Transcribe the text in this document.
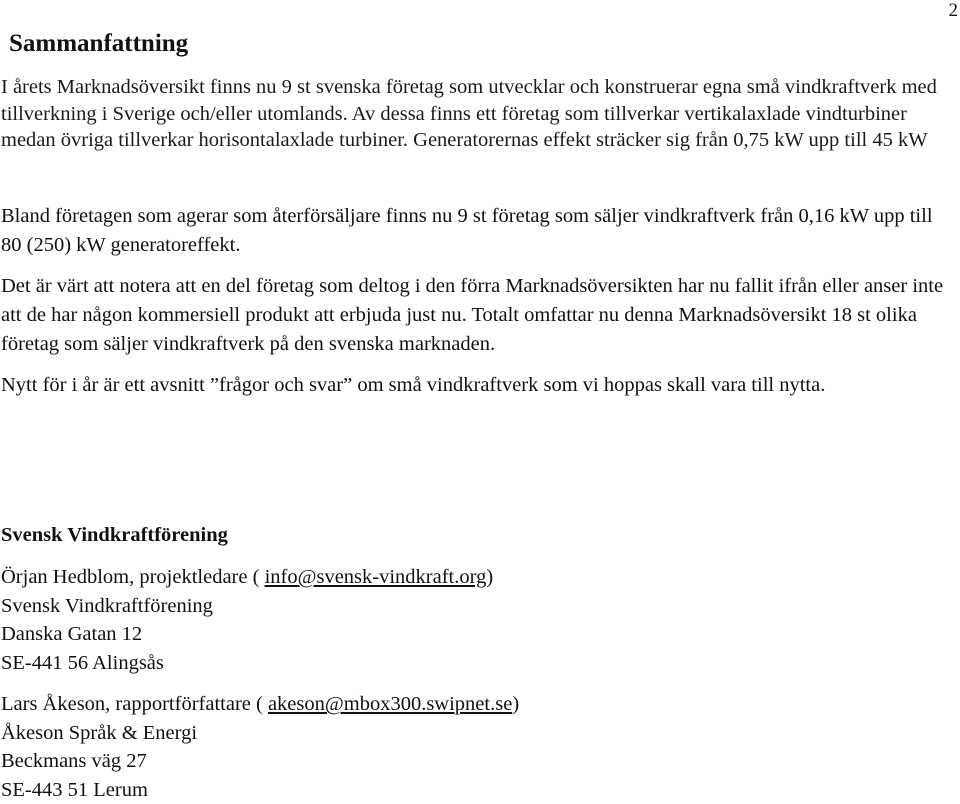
2
Sammanfattning

I årets Marknadsöversikt finns nu 9 st svenska företag som utvecklar och konstruerar egna små vindkraftverk med tillverkning i Sverige och/eller utomlands. Av dessa finns ett företag som tillverkar vertikalaxlade vindturbiner medan övriga tillverkar horisontalaxlade turbiner. Generatorernas effekt sträcker sig från 0,75 kW upp till 45 kW

Bland företagen som agerar som återförsäljare finns nu 9 st företag som säljer vindkraftverk från 0,16 kW upp till 80 (250) kW generatoreffekt.

Det är värt att notera att en del företag som deltog i den förra Marknadsöversikten har nu fallit ifrån eller anser inte att de har någon kommersiell produkt att erbjuda just nu. Totalt omfattar nu denna Marknadsöversikt 18 st olika företag som säljer vindkraftverk på den svenska marknaden.

Nytt för i år är ett avsnitt ”frågor och svar” om små vindkraftverk som vi hoppas skall vara till nytta.

Svensk Vindkraftförening
Örjan Hedblom, projektledare ( info@svensk-vindkraft.org)
Svensk Vindkraftförening
Danska Gatan 12
SE-441 56 Alingsås
Lars Åkeson, rapportförfattare ( akeson@mbox300.swipnet.se)
Åkeson Språk & Energi
Beckmans väg 27
SE-443 51 Lerum
